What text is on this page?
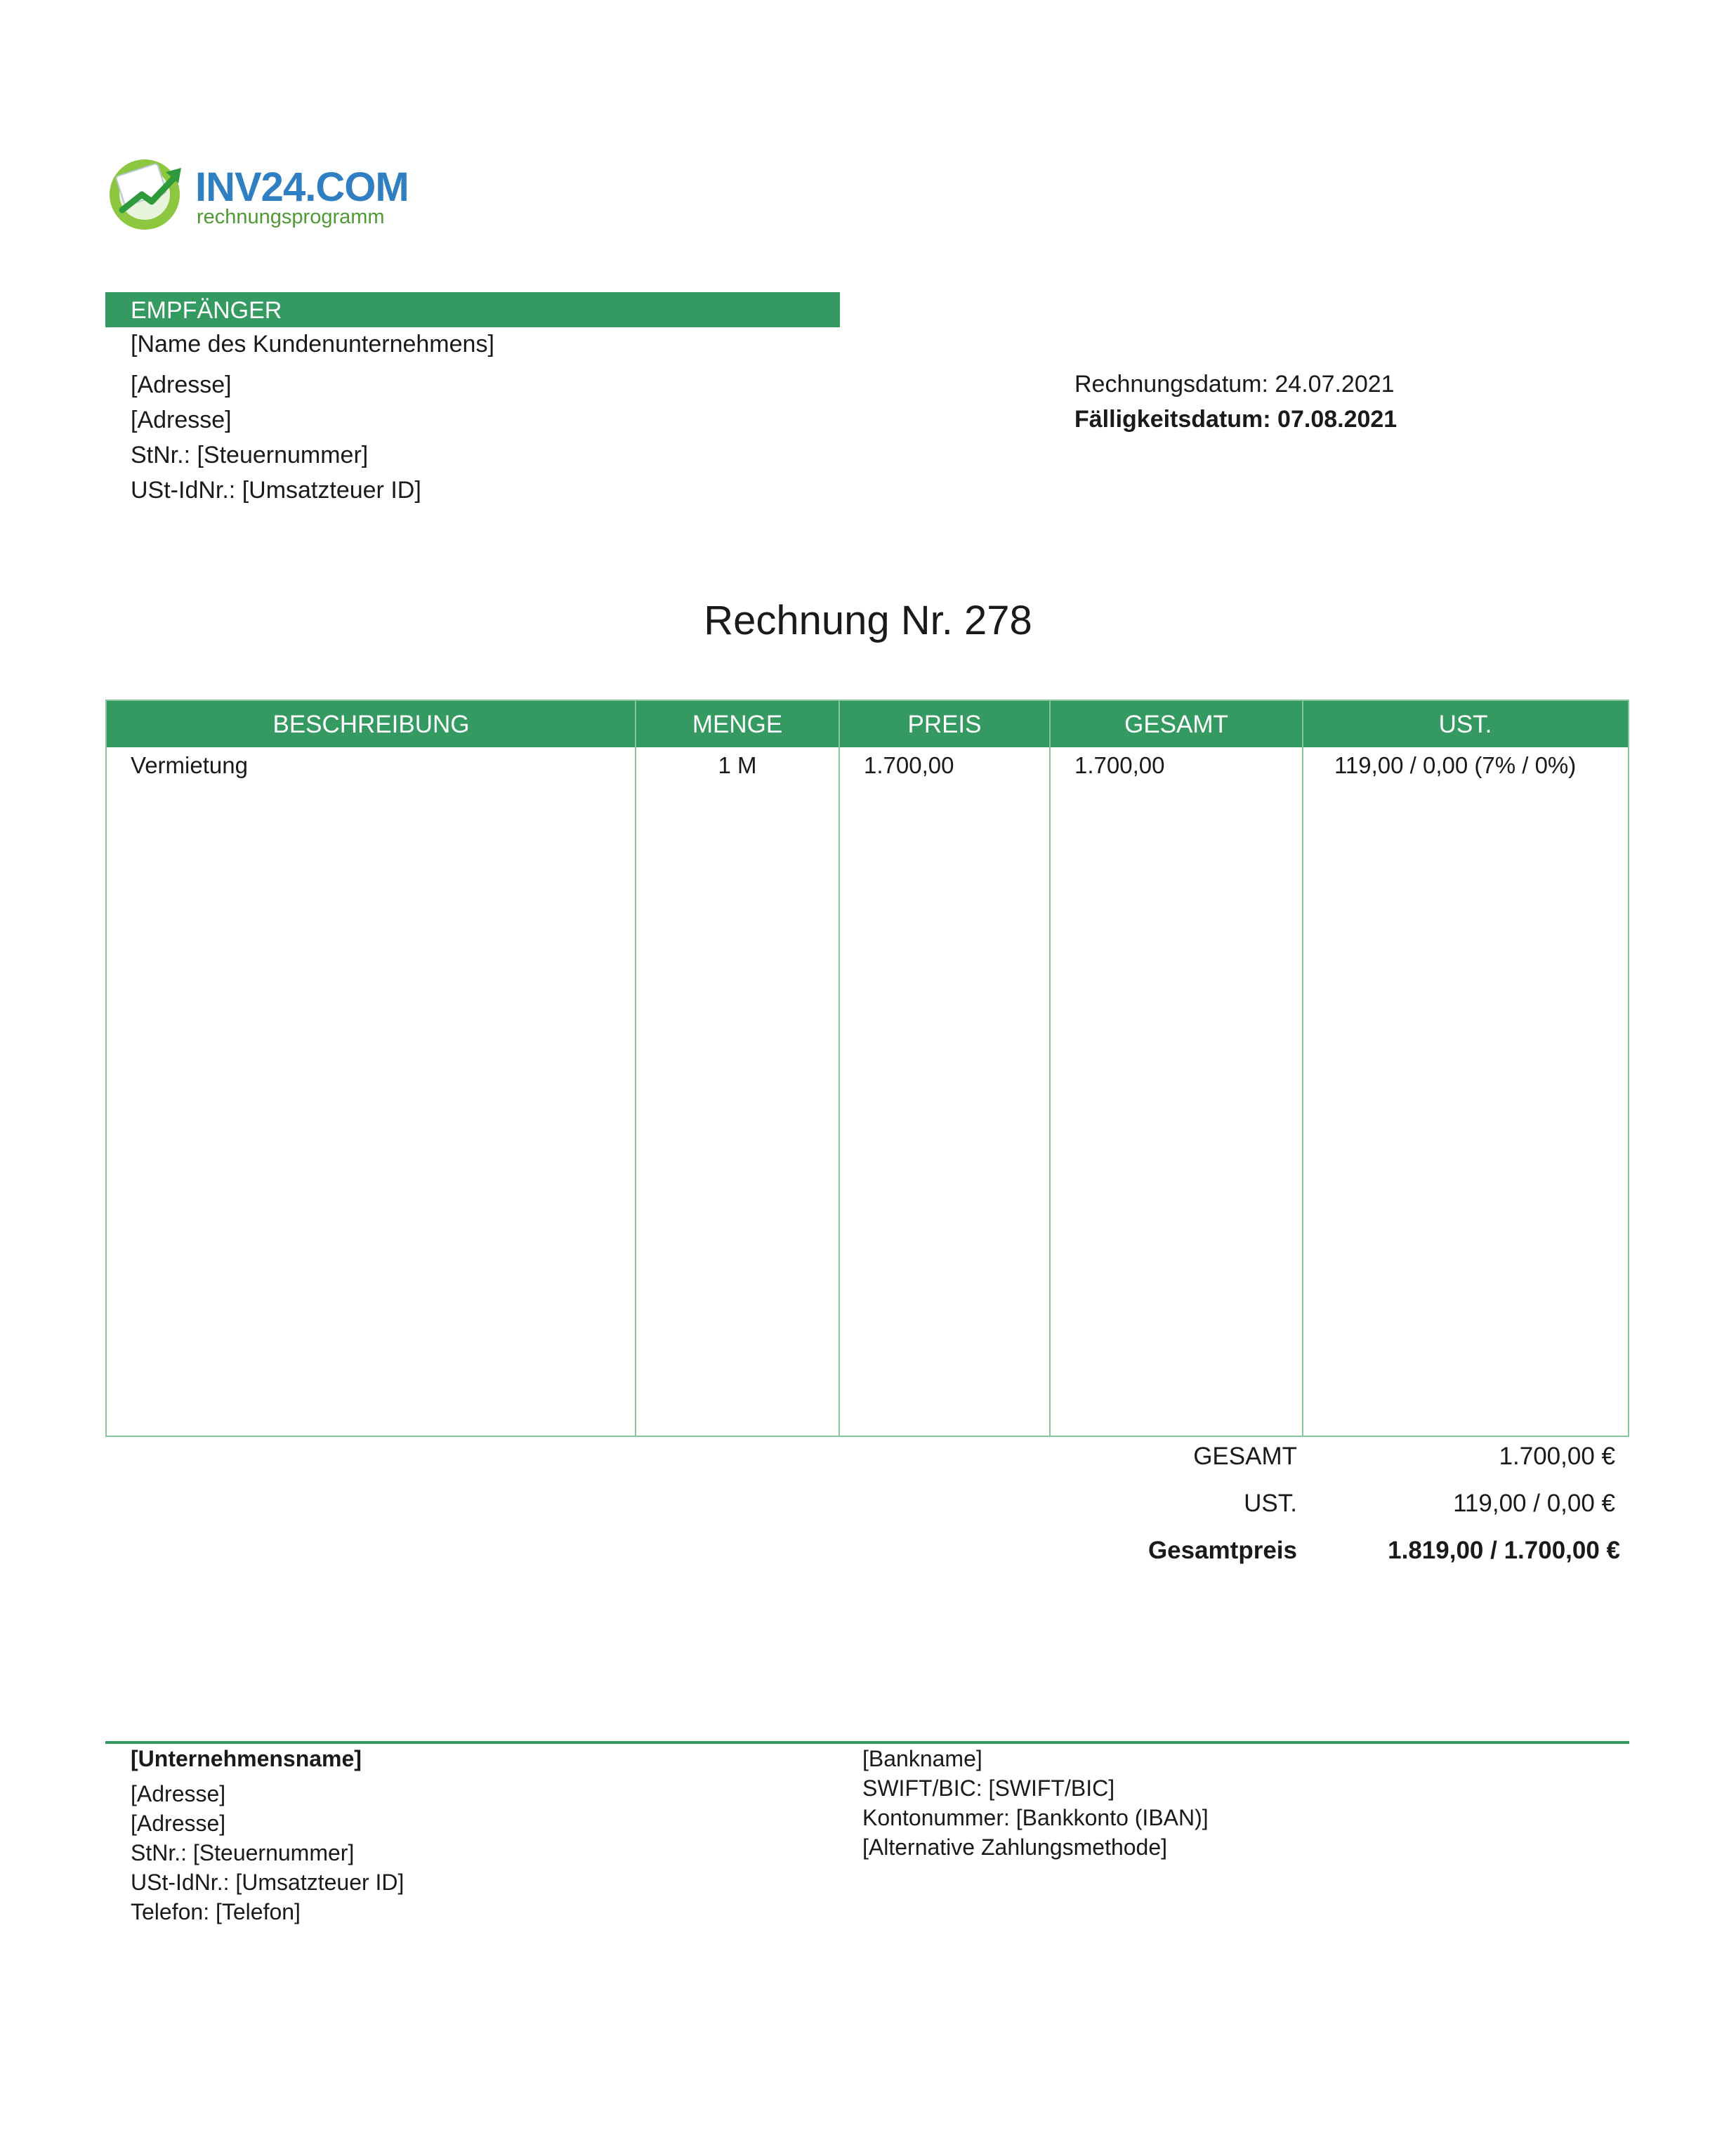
INV24.COM
rechnungsprogramm
EMPFÄNGER
[Name des Kundenunternehmens]
[Adresse]
[Adresse]
StNr.: [Steuernummer]
USt-IdNr.: [Umsatzteuer ID]
Rechnungsdatum: 24.07.2021
Fälligkeitsdatum: 07.08.2021
Rechnung Nr. 278
BESCHREIBUNG	MENGE	PREIS	GESAMT	UST.
Vermietung	1 M	1.700,00	1.700,00	119,00 / 0,00 (7% / 0%)
GESAMT	1.700,00 €
UST.	119,00 / 0,00 €
Gesamtpreis	1.819,00 / 1.700,00 €
[Unternehmensname]
[Adresse]
[Adresse]
StNr.: [Steuernummer]
USt-IdNr.: [Umsatzteuer ID]
Telefon: [Telefon]
[Bankname]
SWIFT/BIC: [SWIFT/BIC]
Kontonummer: [Bankkonto (IBAN)]
[Alternative Zahlungsmethode]
